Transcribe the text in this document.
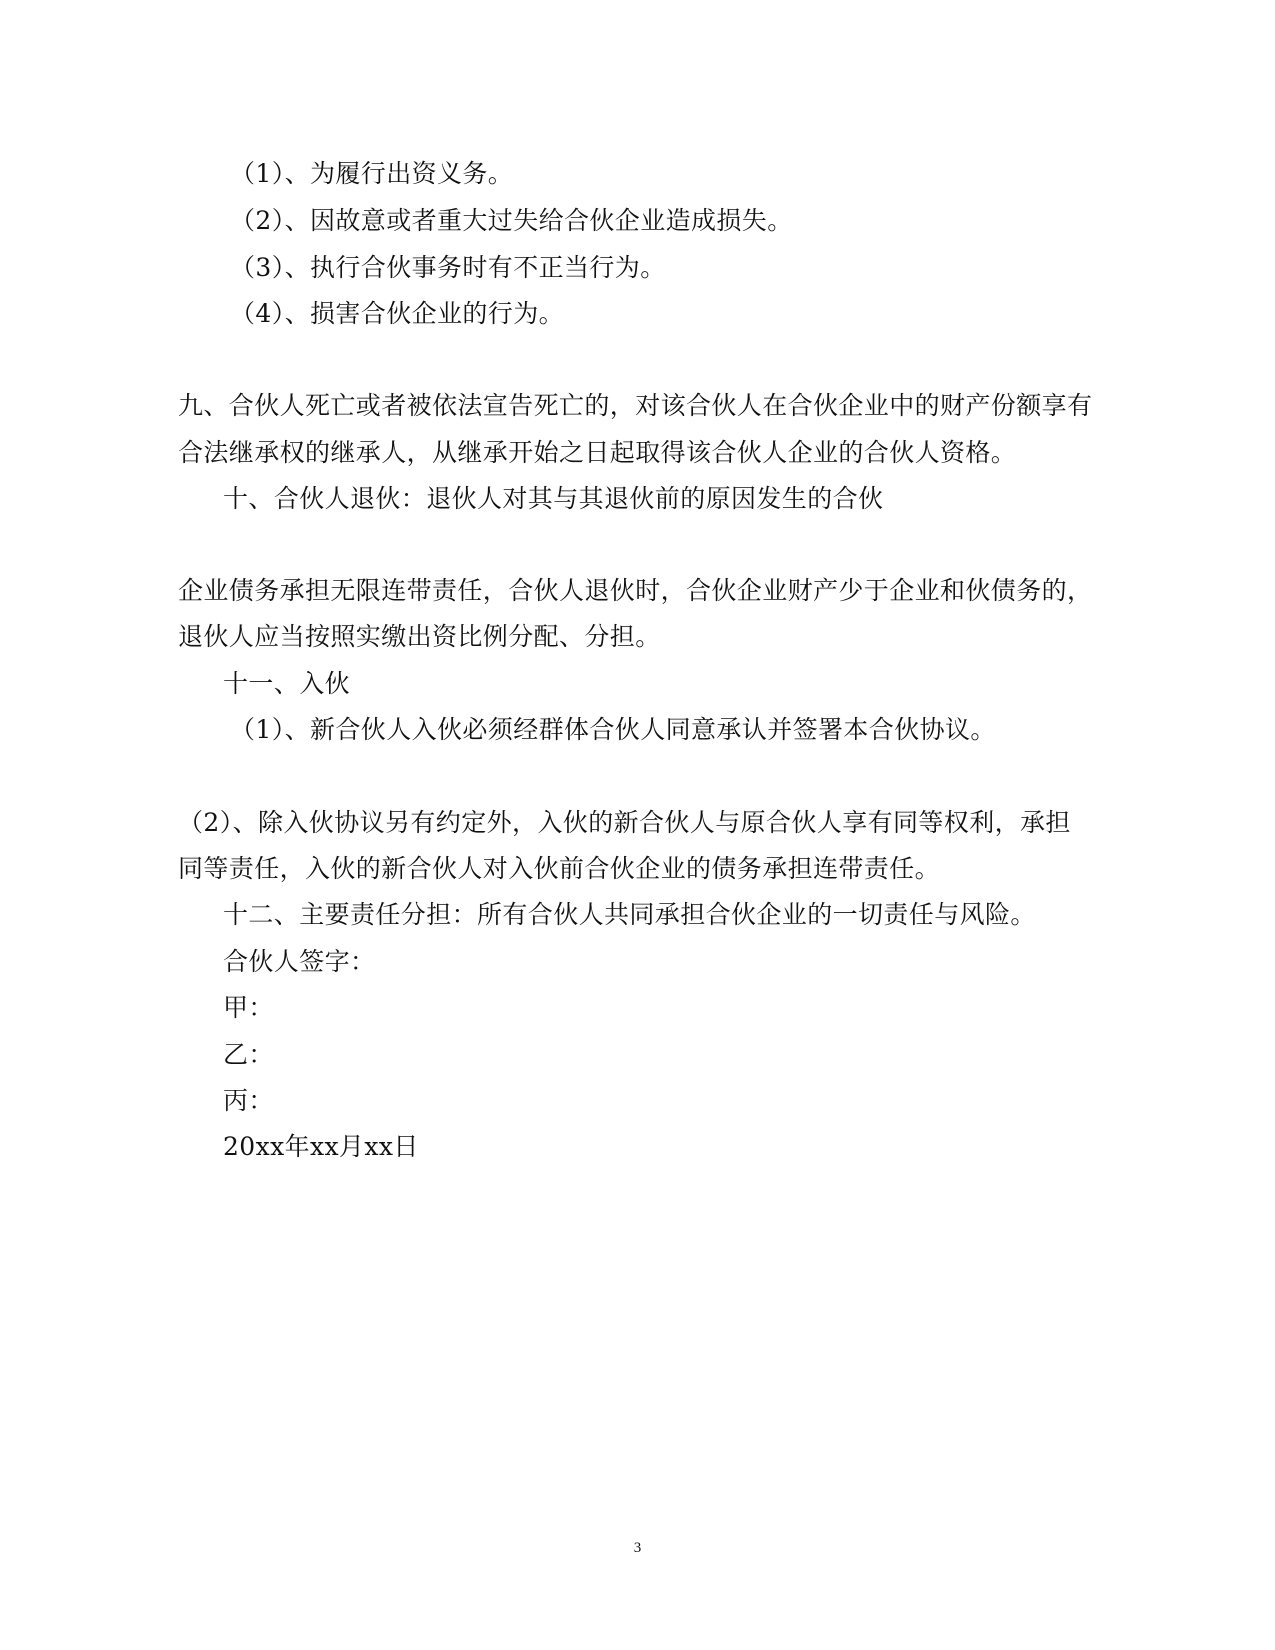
（1）、为履行出资义务。
（2）、因故意或者重大过失给合伙企业造成损失。
（3）、执行合伙事务时有不正当行为。
（4）、损害合伙企业的行为。
九、合伙人死亡或者被依法宣告死亡的，对该合伙人在合伙企业中的财产份额享有
合法继承权的继承人，从继承开始之日起取得该合伙人企业的合伙人资格。
十、合伙人退伙：退伙人对其与其退伙前的原因发生的合伙
企业债务承担无限连带责任，合伙人退伙时，合伙企业财产少于企业和伙债务的，
退伙人应当按照实缴出资比例分配、分担。
十一、入伙
（1）、新合伙人入伙必须经群体合伙人同意承认并签署本合伙协议。
（2）、除入伙协议另有约定外，入伙的新合伙人与原合伙人享有同等权利，承担
同等责任，入伙的新合伙人对入伙前合伙企业的债务承担连带责任。
十二、主要责任分担：所有合伙人共同承担合伙企业的一切责任与风险。
合伙人签字：
甲：
乙：
丙：
20xx年xx月xx日
3
